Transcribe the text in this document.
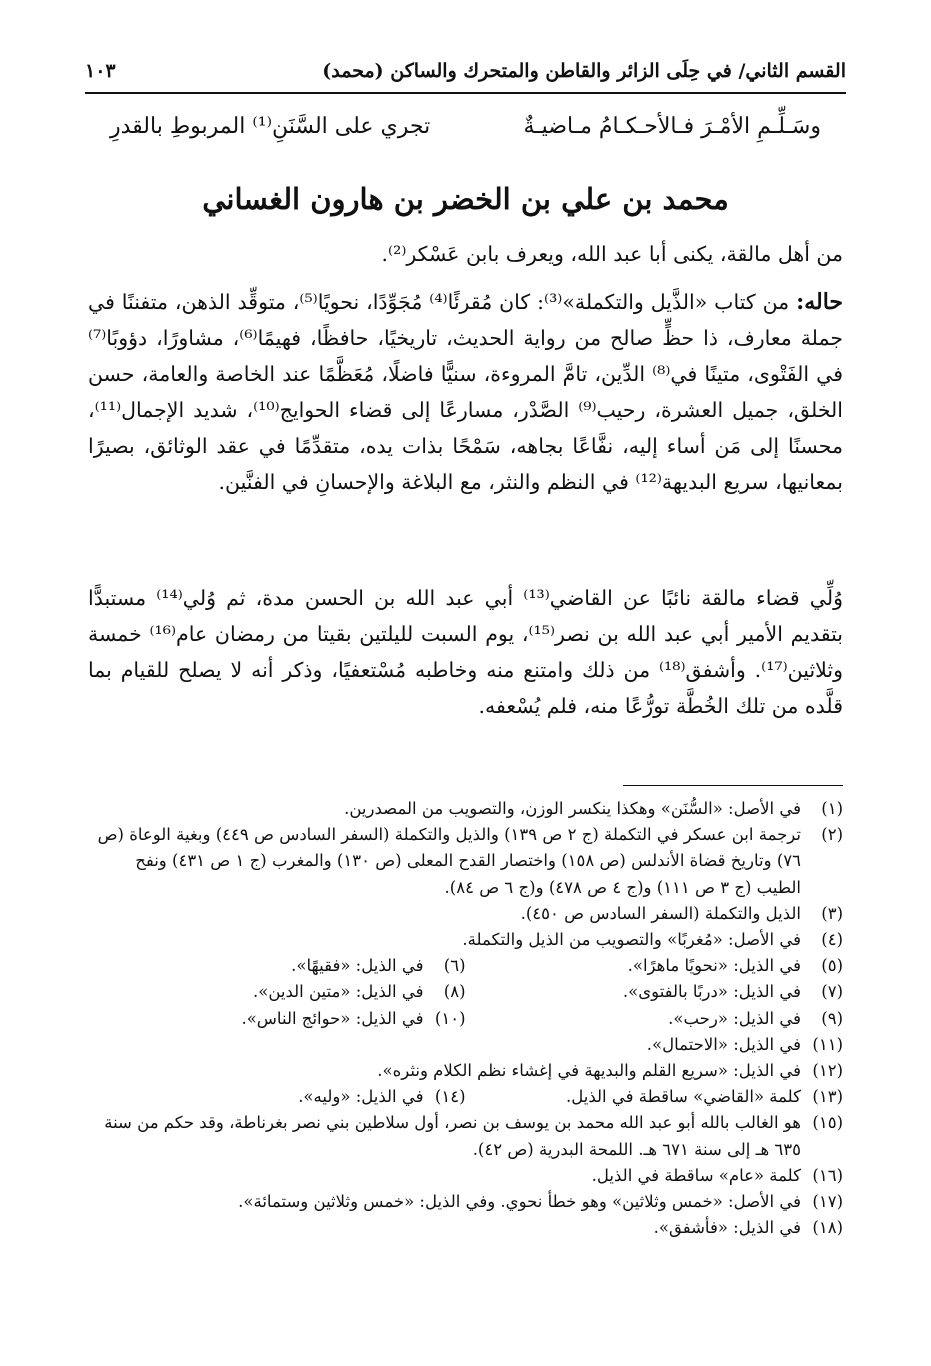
القسم الثاني/ في حِلَى الزائر والقاطن والمتحرك والساكن (محمد)
١٠٣
وسَـلِّـمِ الأمْـرَ فـالأحـكـامُ مـاضيـةٌ
تجري على السَّنَنِ⁽¹⁾ المربوطِ بالقدرِ
محمد بن علي بن الخضر بن هارون الغساني
من أهل مالقة، يكنى أبا عبد الله، ويعرف بابن عَسْكر⁽²⁾.
حاله: من كتاب «الذَّيل والتكملة»⁽³⁾: كان مُقرئًا⁽⁴⁾ مُجَوِّدًا، نحويًا⁽⁵⁾، متوقِّد الذهن، متفننًا في جملة معارف، ذا حظٍّ صالح من رواية الحديث، تاريخيًا، حافظًا، فهيمًا⁽⁶⁾، مشاورًا، دؤوبًا⁽⁷⁾ في الفَتْوى، متينًا في⁽⁸⁾ الدِّين، تامَّ المروءة، سنيًّا فاضلًا، مُعَظَّمًا عند الخاصة والعامة، حسن الخلق، جميل العشرة، رحيب⁽⁹⁾ الصَّدْر، مسارعًا إلى قضاء الحوايج⁽¹⁰⁾، شديد الإجمال⁽¹¹⁾، محسنًا إلى مَن أساء إليه، نفَّاعًا بجاهه، سَمْحًا بذات يده، متقدِّمًا في عقد الوثائق، بصيرًا بمعانيها، سريع البديهة⁽¹²⁾ في النظم والنثر، مع البلاغة والإحسانِ في الفنَّين.
وُلِّي قضاء مالقة نائبًا عن القاضي⁽¹³⁾ أبي عبد الله بن الحسن مدة، ثم وُلي⁽¹⁴⁾ مستبدًّا بتقديم الأمير أبي عبد الله بن نصر⁽¹⁵⁾، يوم السبت لليلتين بقيتا من رمضان عام⁽¹⁶⁾ خمسة وثلاثين⁽¹⁷⁾. وأشفق⁽¹⁸⁾ من ذلك وامتنع منه وخاطبه مُسْتعفيًا، وذكر أنه لا يصلح للقيام بما قلَّده من تلك الخُطَّة تورُّعًا منه، فلم يُسْعفه.
(١)
في الأصل: «السُّنَن» وهكذا ينكسر الوزن، والتصويب من المصدرين.
(٢)
ترجمة ابن عسكر في التكملة (ج ٢ ص ١٣٩) والذيل والتكملة (السفر السادس ص ٤٤٩) وبغية الوعاة (ص ٧٦) وتاريخ قضاة الأندلس (ص ١٥٨) واختصار القدح المعلى (ص ١٣٠) والمغرب (ج ١ ص ٤٣١) ونفح الطيب (ج ٣ ص ١١١) و(ج ٤ ص ٤٧٨) و(ج ٦ ص ٨٤).
(٣)
الذيل والتكملة (السفر السادس ص ٤٥٠).
(٤)
في الأصل: «مُغربًا» والتصويب من الذيل والتكملة.
(٥)
في الذيل: «نحويًا ماهرًا».
(٦)
في الذيل: «فقيهًا».
(٧)
في الذيل: «دربًا بالفتوى».
(٨)
في الذيل: «متين الدين».
(٩)
في الذيل: «رحب».
(١٠)
في الذيل: «حوائج الناس».
(١١)
في الذيل: «الاحتمال».
(١٢)
في الذيل: «سريع القلم والبديهة في إغشاء نظم الكلام ونثره».
(١٣)
كلمة «القاضي» ساقطة في الذيل.
(١٤)
في الذيل: «وليه».
(١٥)
هو الغالب بالله أبو عبد الله محمد بن يوسف بن نصر، أول سلاطين بني نصر بغرناطة، وقد حكم من سنة ٦٣٥ هـ إلى سنة ٦٧١ هـ. اللمحة البدرية (ص ٤٢).
(١٦)
كلمة «عام» ساقطة في الذيل.
(١٧)
في الأصل: «خمس وثلاثين» وهو خطأ نحوي. وفي الذيل: «خمس وثلاثين وستمائة».
(١٨)
في الذيل: «فأشفق».
